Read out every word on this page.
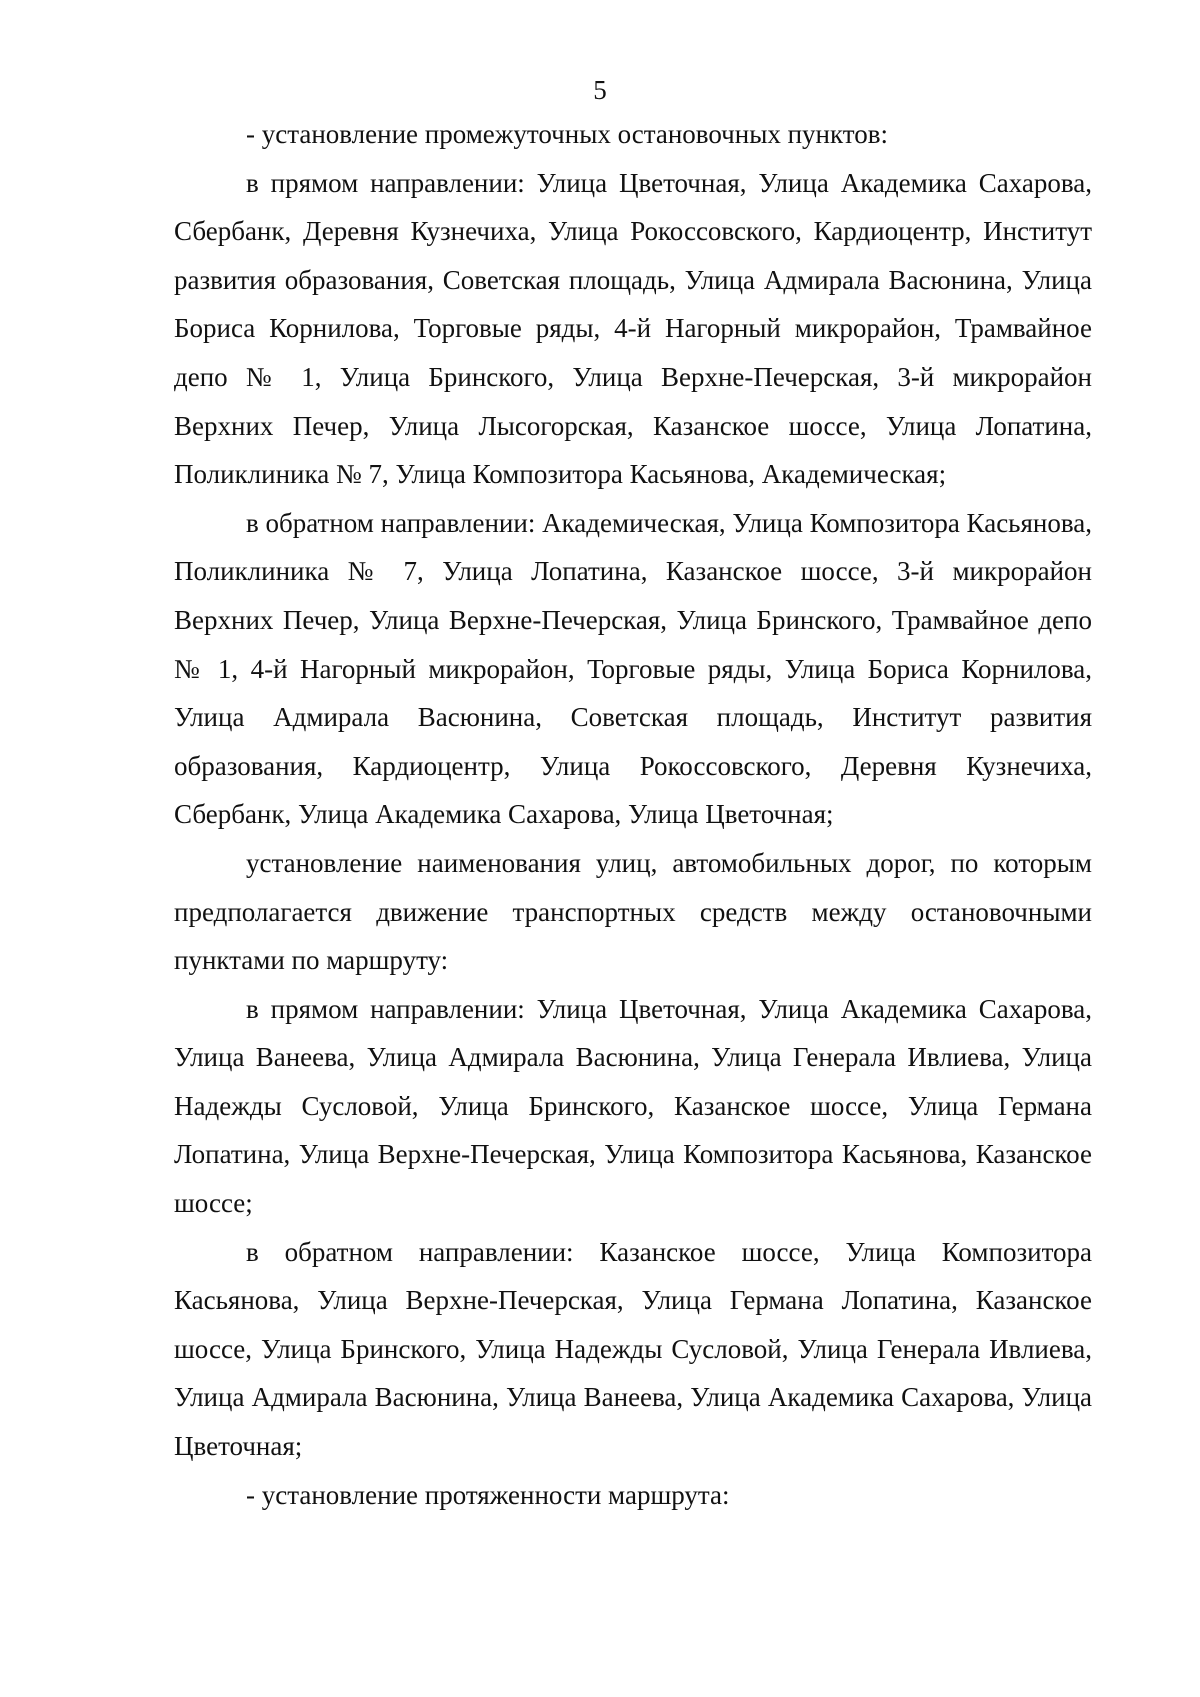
5

- установление промежуточных остановочных пунктов:

в прямом направлении: Улица Цветочная, Улица Академика Сахарова, Сбербанк, Деревня Кузнечиха, Улица Рокоссовского, Кардиоцентр, Институт развития образования, Советская площадь, Улица Адмирала Васюнина, Улица Бориса Корнилова, Торговые ряды, 4-й Нагорный микрорайон, Трамвайное депо № 1, Улица Бринского, Улица Верхне-Печерская, 3-й микрорайон Верхних Печер, Улица Лысогорская, Казанское шоссе, Улица Лопатина, Поликлиника № 7, Улица Композитора Касьянова, Академическая;

в обратном направлении: Академическая, Улица Композитора Касьянова, Поликлиника № 7, Улица Лопатина, Казанское шоссе, 3-й микрорайон Верхних Печер, Улица Верхне-Печерская, Улица Бринского, Трамвайное депо № 1, 4-й Нагорный микрорайон, Торговые ряды, Улица Бориса Корнилова, Улица Адмирала Васюнина, Советская площадь, Институт развития образования, Кардиоцентр, Улица Рокоссовского, Деревня Кузнечиха, Сбербанк, Улица Академика Сахарова, Улица Цветочная;

установление наименования улиц, автомобильных дорог, по которым предполагается движение транспортных средств между остановочными пунктами по маршруту:

в прямом направлении: Улица Цветочная, Улица Академика Сахарова, Улица Ванеева, Улица Адмирала Васюнина, Улица Генерала Ивлиева, Улица Надежды Сусловой, Улица Бринского, Казанское шоссе, Улица Германа Лопатина, Улица Верхне-Печерская, Улица Композитора Касьянова, Казанское шоссе;

в обратном направлении: Казанское шоссе, Улица Композитора Касьянова, Улица Верхне-Печерская, Улица Германа Лопатина, Казанское шоссе, Улица Бринского, Улица Надежды Сусловой, Улица Генерала Ивлиева, Улица Адмирала Васюнина, Улица Ванеева, Улица Академика Сахарова, Улица Цветочная;

- установление протяженности маршрута:
